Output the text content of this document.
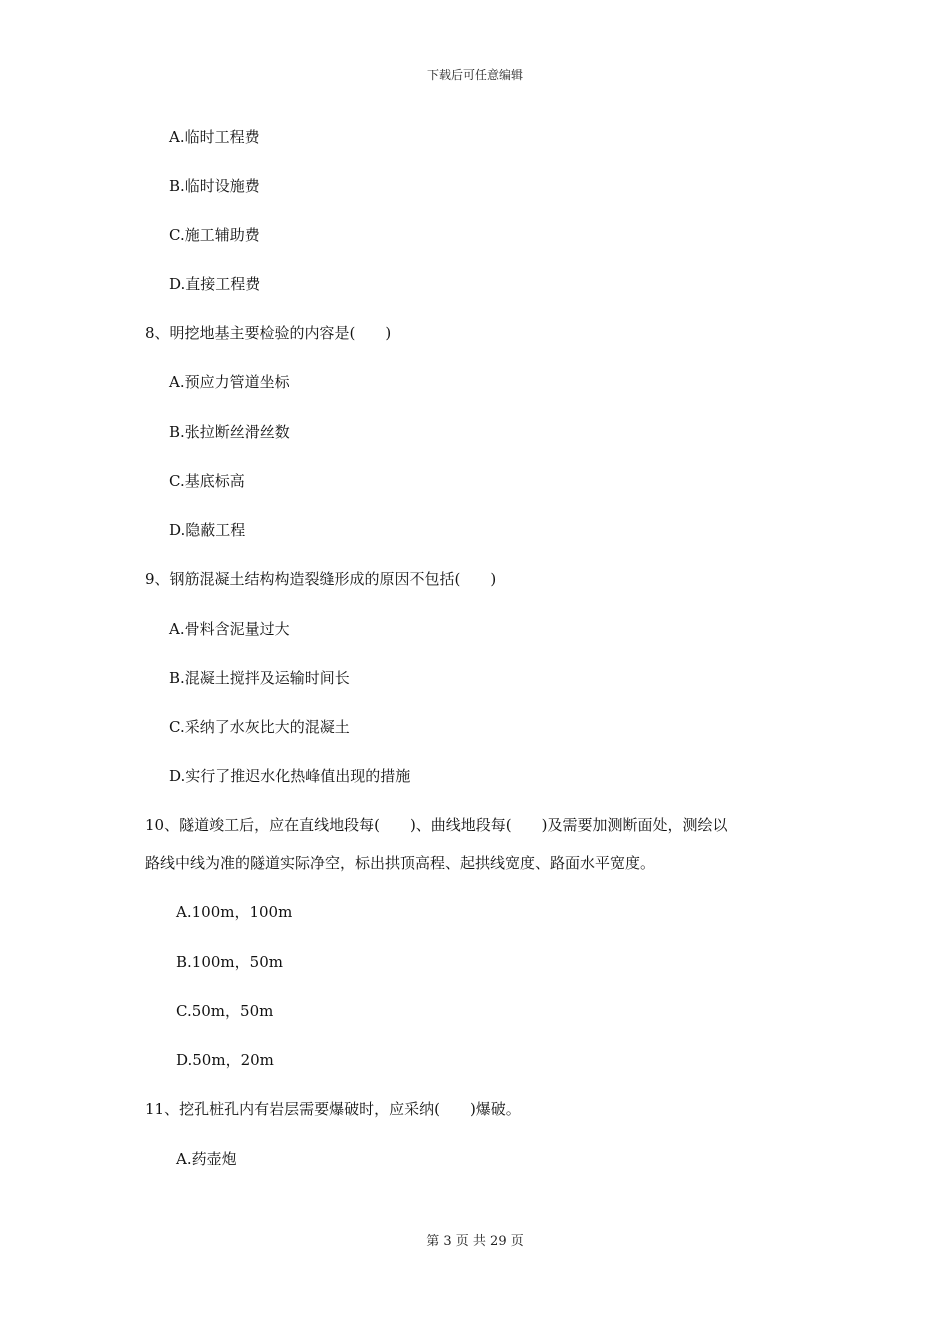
下载后可任意编辑
A.临时工程费
B.临时设施费
C.施工辅助费
D.直接工程费
8、明挖地基主要检验的内容是(　　)
A.预应力管道坐标
B.张拉断丝滑丝数
C.基底标高
D.隐蔽工程
9、钢筋混凝土结构构造裂缝形成的原因不包括(　　)
A.骨料含泥量过大
B.混凝土搅拌及运输时间长
C.采纳了水灰比大的混凝土
D.实行了推迟水化热峰值出现的措施
10、隧道竣工后，应在直线地段每(　　)、曲线地段每(　　)及需要加测断面处，测绘以
路线中线为准的隧道实际净空，标出拱顶高程、起拱线宽度、路面水平宽度。
A.100m，100m
B.100m，50m
C.50m，50m
D.50m，20m
11、挖孔桩孔内有岩层需要爆破时，应采纳(　　)爆破。
A.药壶炮
第 3 页 共 29 页
